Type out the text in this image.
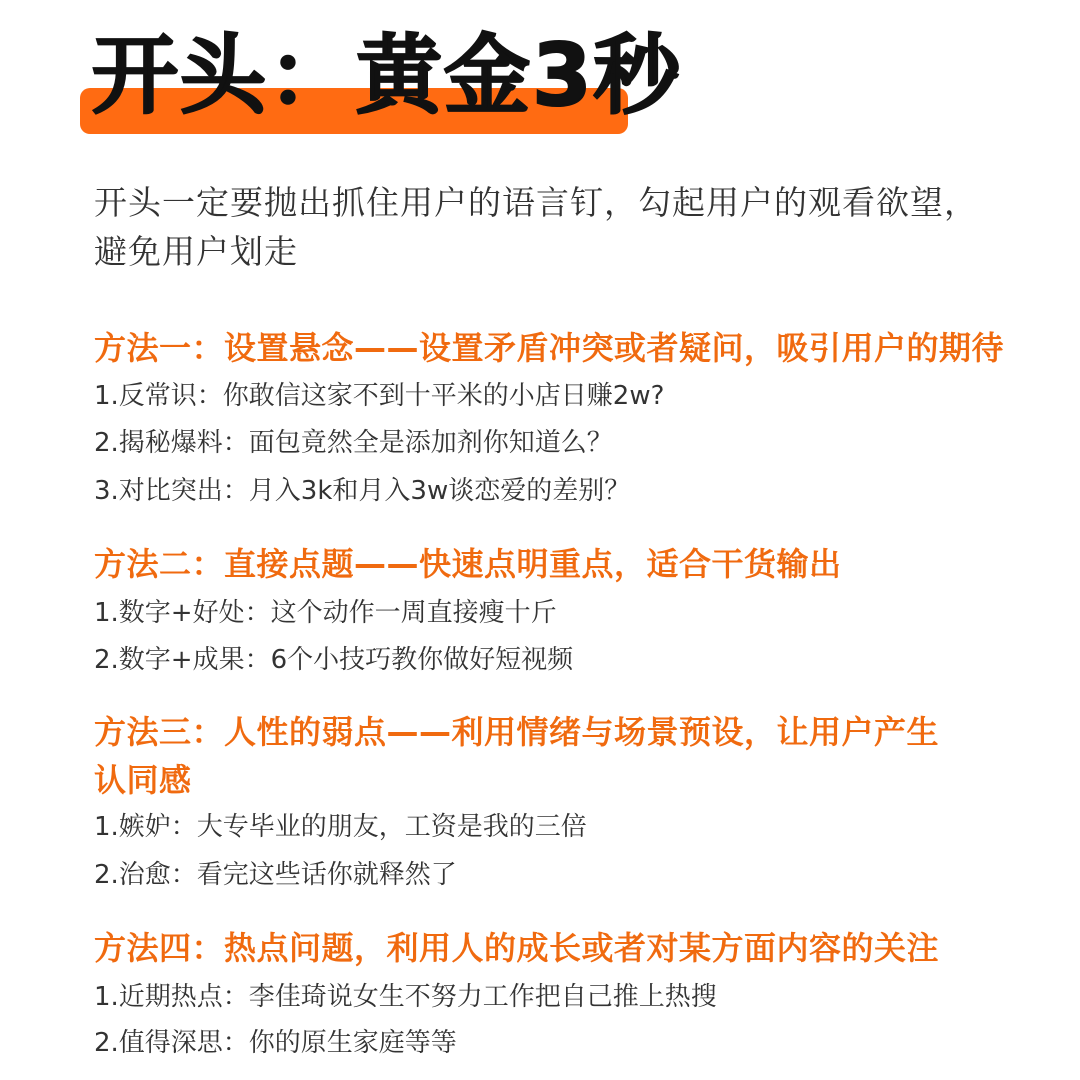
开头：黄金3秒
开头一定要抛出抓住用户的语言钉，勾起用户的观看欲望，避免用户划走
方法一：设置悬念——设置矛盾冲突或者疑问，吸引用户的期待
1.反常识：你敢信这家不到十平米的小店日赚2w?
2.揭秘爆料：面包竟然全是添加剂你知道么？
3.对比突出：月入3k和月入3w谈恋爱的差别？
方法二：直接点题——快速点明重点，适合干货输出
1.数字+好处：这个动作一周直接瘦十斤
2.数字+成果：6个小技巧教你做好短视频
方法三：人性的弱点——利用情绪与场景预设，让用户产生认同感
1.嫉妒：大专毕业的朋友，工资是我的三倍
2.治愈：看完这些话你就释然了
方法四：热点问题，利用人的成长或者对某方面内容的关注
1.近期热点：李佳琦说女生不努力工作把自己推上热搜
2.值得深思：你的原生家庭等等
